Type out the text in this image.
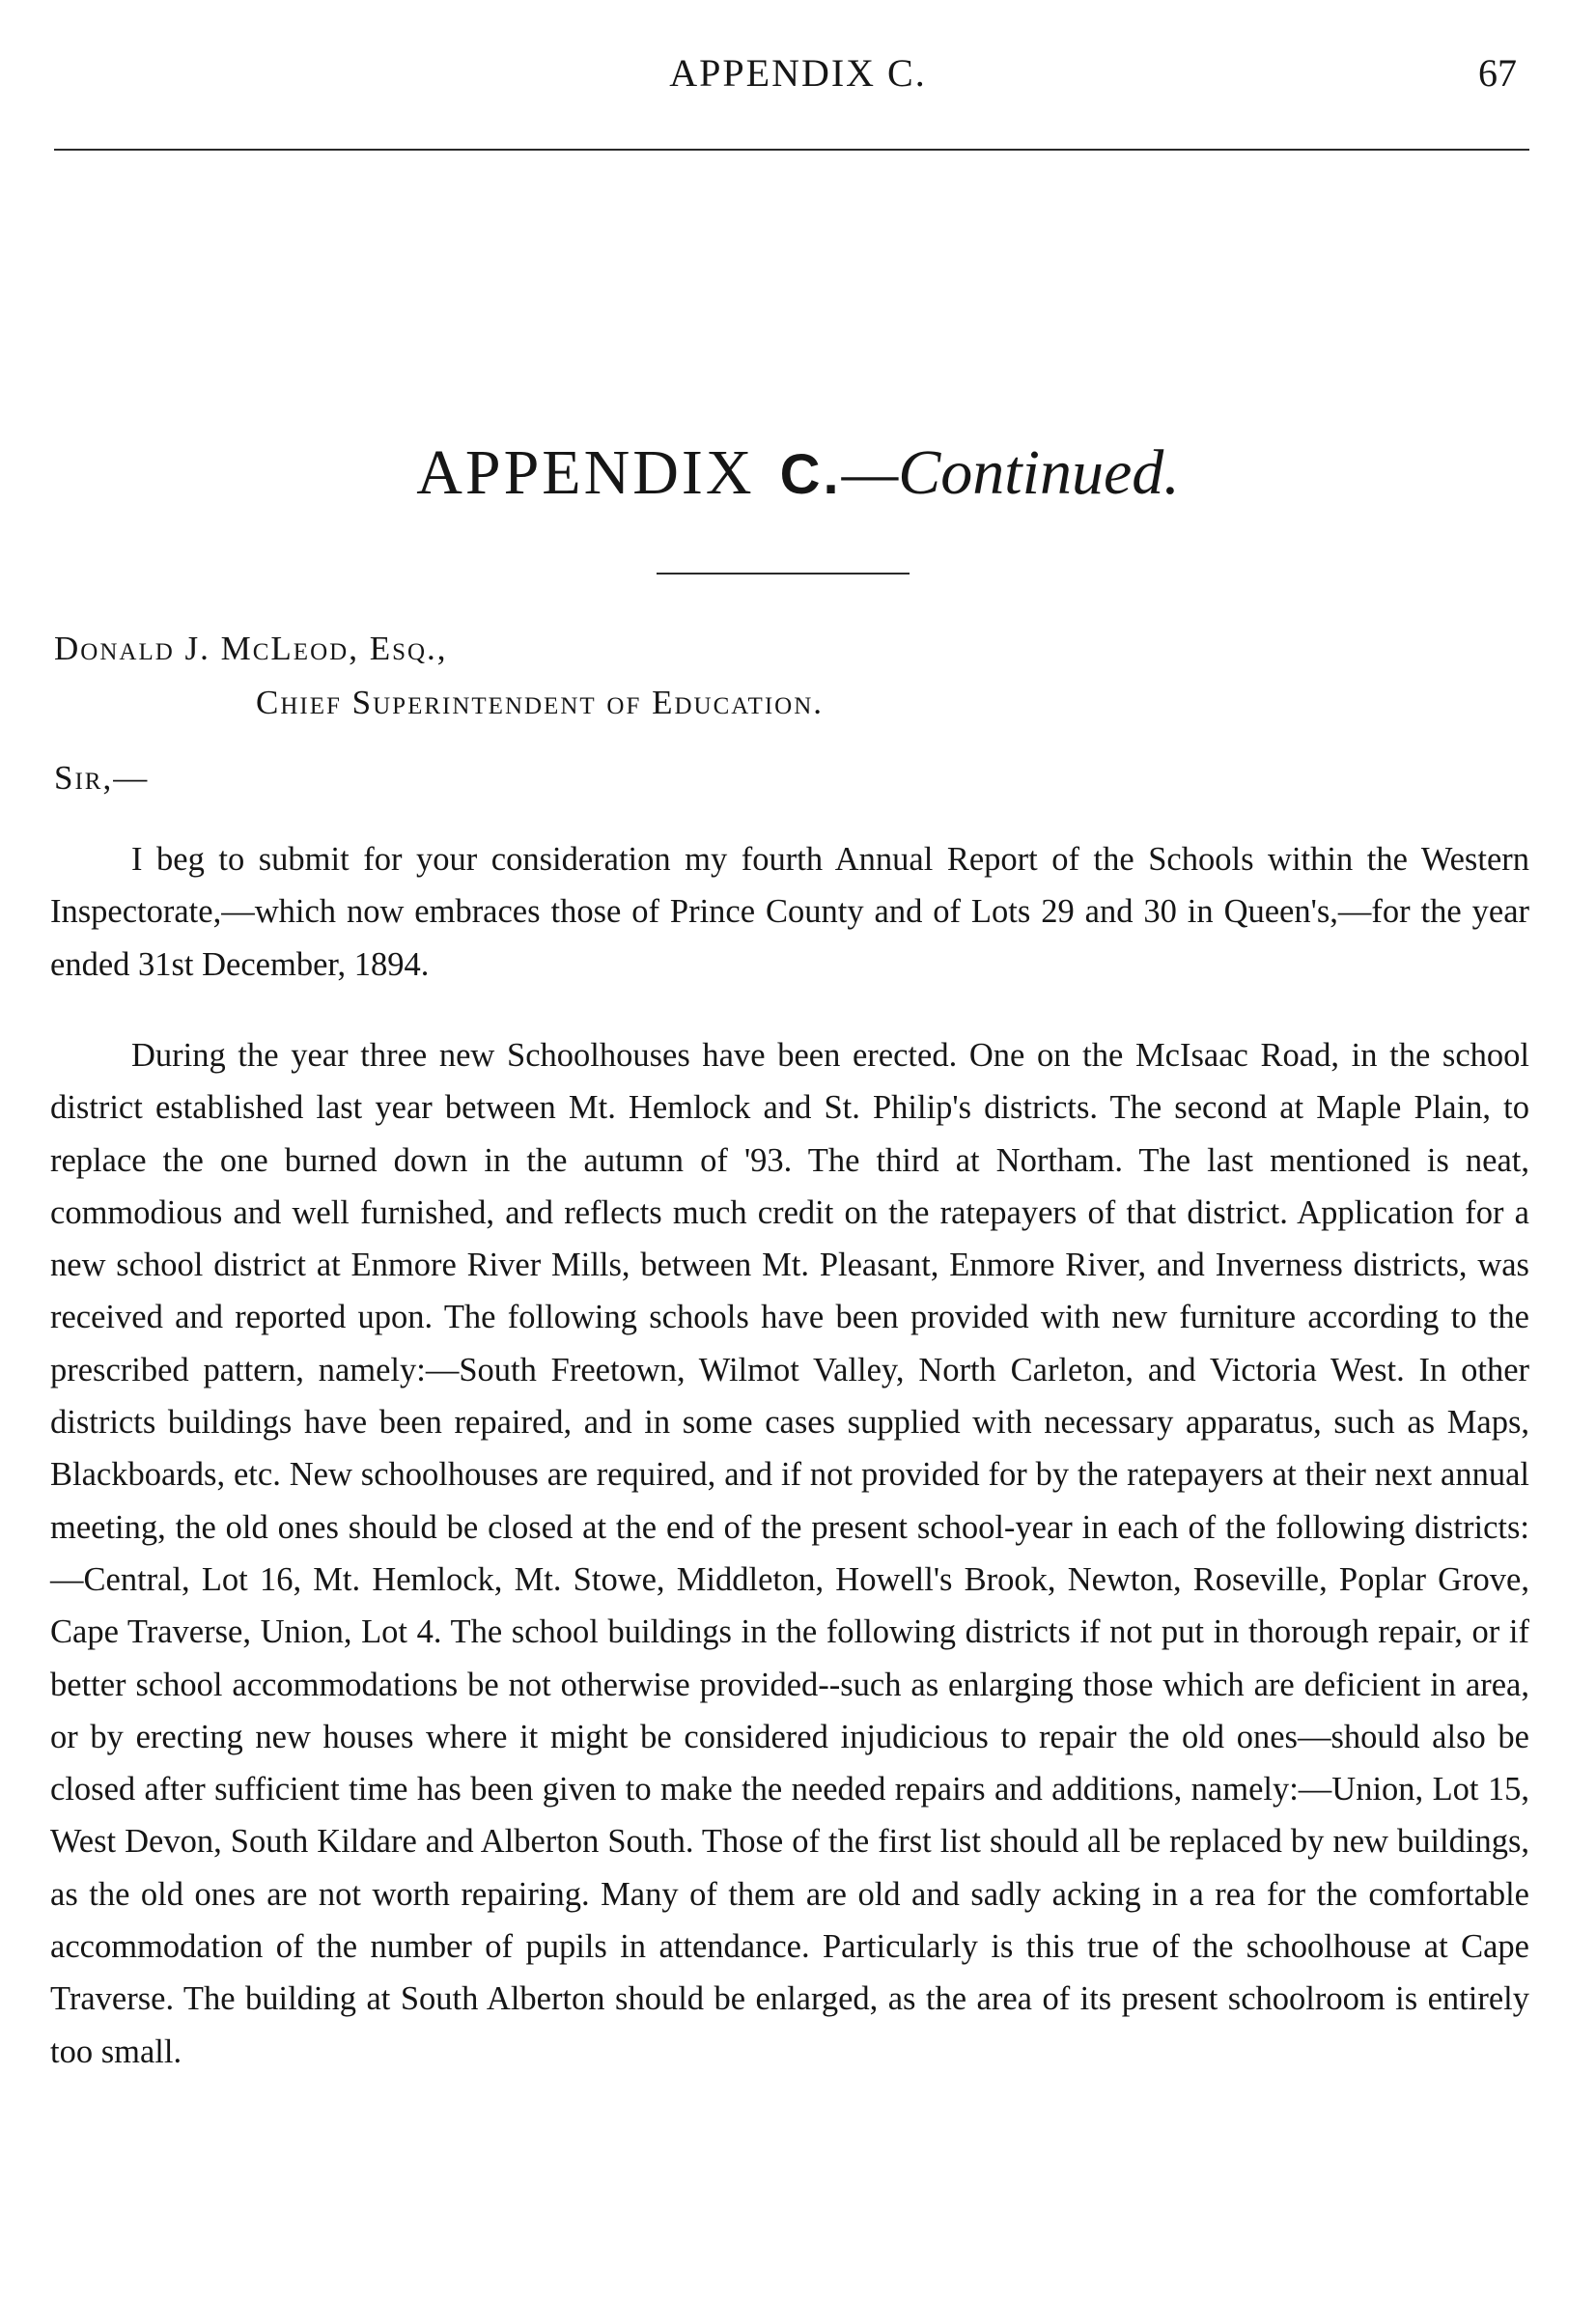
APPENDIX C.	67
APPENDIX C.—Continued.
Donald J. McLeod, Esq.,
Chief Superintendent of Education.
Sir,—

I beg to submit for your consideration my fourth Annual Report of the Schools within the Western Inspectorate,—which now embraces those of Prince County and of Lots 29 and 30 in Queen's,—for the year ended 31st December, 1894.

During the year three new Schoolhouses have been erected. One on the McIsaac Road, in the school district established last year between Mt. Hemlock and St. Philip's districts. The second at Maple Plain, to replace the one burned down in the autumn of '93. The third at Northam. The last mentioned is neat, commodious and well furnished, and reflects much credit on the ratepayers of that district. Application for a new school district at Enmore River Mills, between Mt. Pleasant, Enmore River, and Inverness districts, was received and reported upon. The following schools have been provided with new furniture according to the prescribed pattern, namely:—South Freetown, Wilmot Valley, North Carleton, and Victoria West. In other districts buildings have been repaired, and in some cases supplied with necessary apparatus, such as Maps, Blackboards, etc. New schoolhouses are required, and if not provided for by the ratepayers at their next annual meeting, the old ones should be closed at the end of the present school-year in each of the following districts:—Central, Lot 16, Mt. Hemlock, Mt. Stowe, Middleton, Howell's Brook, Newton, Roseville, Poplar Grove, Cape Traverse, Union, Lot 4. The school buildings in the following districts if not put in thorough repair, or if better school accommodations be not otherwise provided--such as enlarging those which are deficient in area, or by erecting new houses where it might be considered injudicious to repair the old ones—should also be closed after sufficient time has been given to make the needed repairs and additions, namely:—Union, Lot 15, West Devon, South Kildare and Alberton South. Those of the first list should all be replaced by new buildings, as the old ones are not worth repairing. Many of them are old and sadly acking in a rea for the comfortable accommodation of the number of pupils in attendance. Particularly is this true of the schoolhouse at Cape Traverse. The building at South Alberton should be enlarged, as the area of its present schoolroom is entirely too small.
